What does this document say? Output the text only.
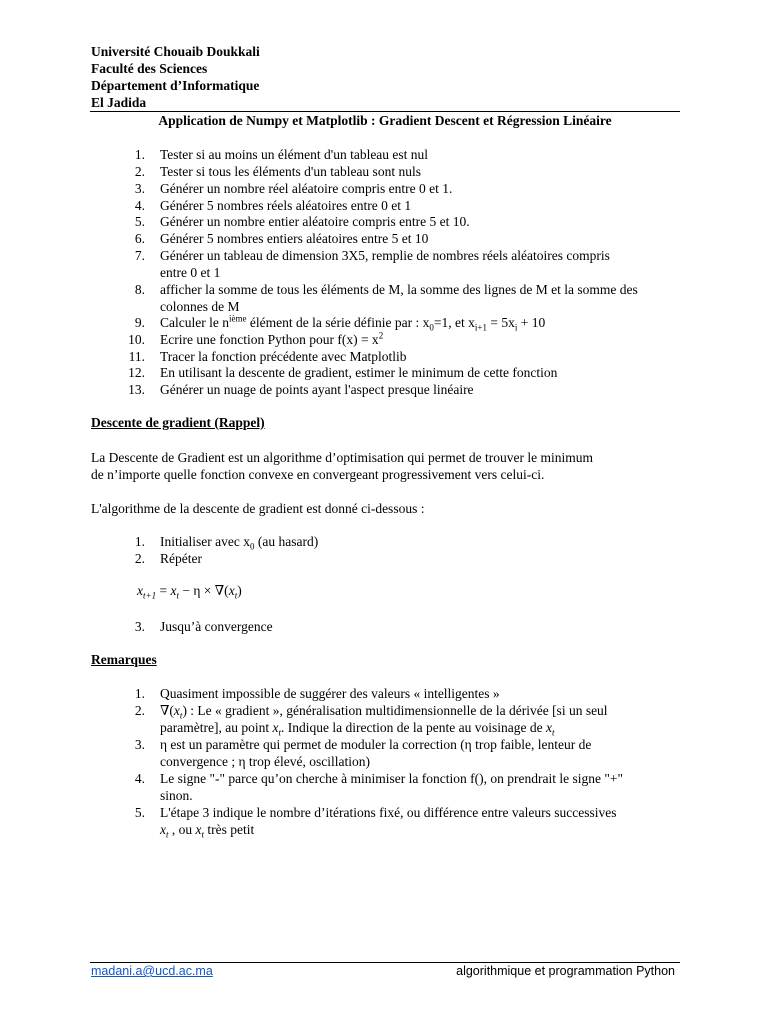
Université Chouaib Doukkali
Faculté des Sciences
Département d’Informatique
El Jadida
Application de Numpy et Matplotlib : Gradient Descent et Régression Linéaire
1. Tester si au moins un élément d'un tableau est nul
2. Tester si tous les éléments d'un tableau sont nuls
3. Générer un nombre réel aléatoire compris entre 0 et 1.
4. Générer 5 nombres réels aléatoires entre 0 et 1
5. Générer un nombre entier aléatoire compris entre 5 et 10.
6. Générer 5 nombres entiers aléatoires entre 5 et 10
7. Générer un tableau de dimension 3X5, remplie de nombres réels aléatoires compris entre 0 et 1
8. afficher la somme de tous les éléments de M, la somme des lignes de M et la somme des colonnes de M
9. Calculer le $n^{ième}$ élément de la série définie par : $x_0=1$, et $x_{i+1} = 5x_i + 10$
10. Ecrire une fonction Python pour $f(x) = x^2$
11. Tracer la fonction précédente avec Matplotlib
12. En utilisant la descente de gradient, estimer le minimum de cette fonction
13. Générer un nuage de points ayant l'aspect presque linéaire
Descente de gradient (Rappel)
La Descente de Gradient est un algorithme d’optimisation qui permet de trouver le minimum
de n’importe quelle fonction convexe en convergeant progressivement vers celui-ci.
L'algorithme de la descente de gradient est donné ci-dessous :
1. Initialiser avec $x_0$ (au hasard)
2. Répéter
$x_{t+1} = x_t - \eta \times \nabla(x_t)$
3. Jusqu’à convergence
Remarques
1. Quasiment impossible de suggérer des valeurs « intelligentes »
2. $\nabla(x_t)$ : Le « gradient », généralisation multidimensionnelle de la dérivée [si un seul
paramètre], au point $x_t$. Indique la direction de la pente au voisinage de $x_t$
3. η est un paramètre qui permet de moduler la correction (η trop faible, lenteur de
convergence ; η trop élevé, oscillation)
4. Le signe "-" parce qu’on cherche à minimiser la fonction f(), on prendrait le signe "+"
sinon.
5. L'étape 3 indique le nombre d’itérations fixé, ou différence entre valeurs successives
$x_t$ , ou $x_t$ très petit
madani.a@ucd.ac.ma	algorithmique et programmation Python
